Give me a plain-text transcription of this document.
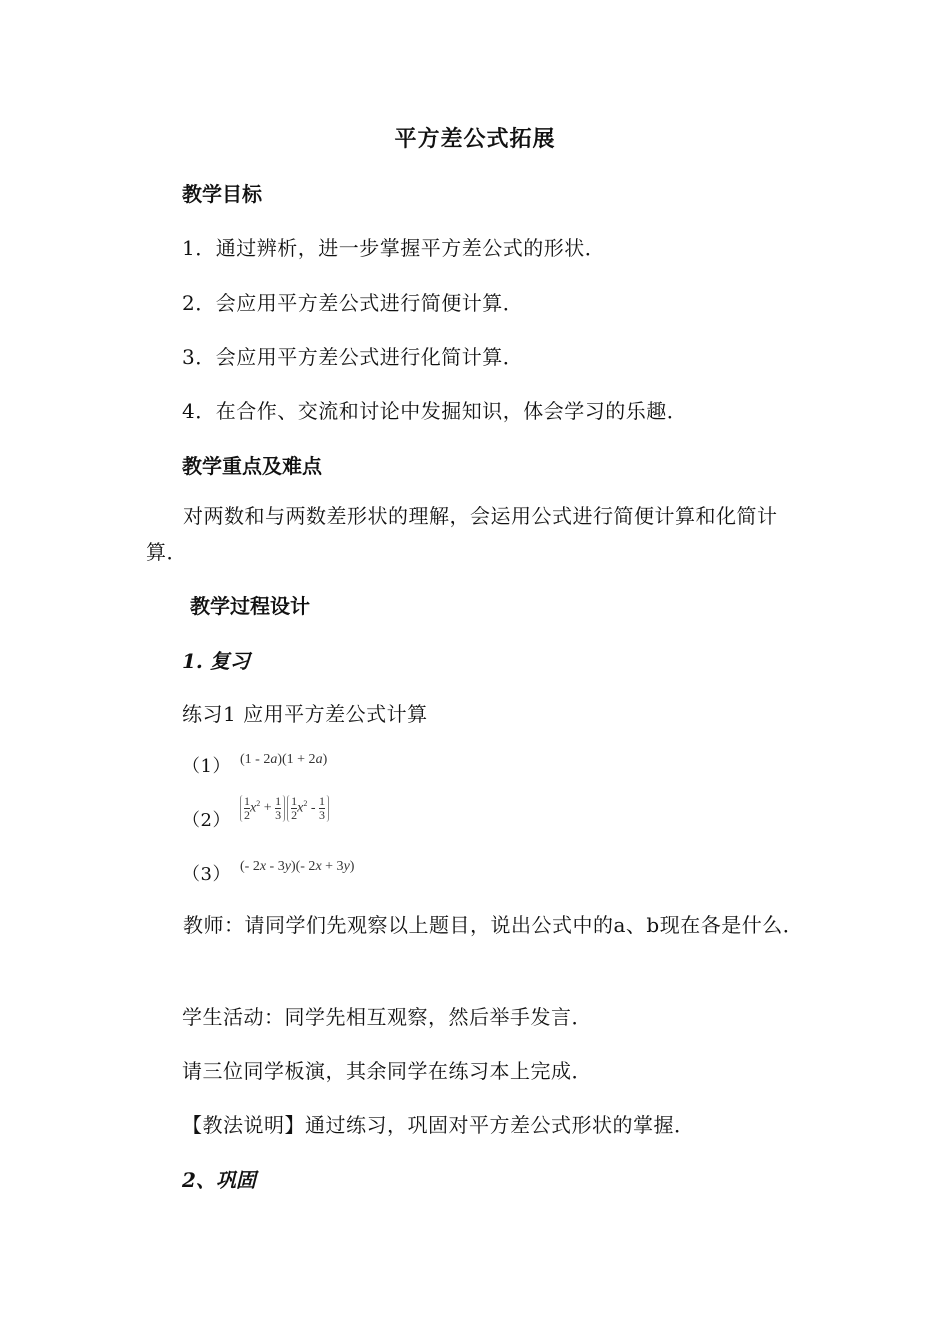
平方差公式拓展
教学目标
1．通过辨析，进一步掌握平方差公式的形状．
2．会应用平方差公式进行简便计算．
3．会应用平方差公式进行化简计算．
4．在合作、交流和讨论中发掘知识，体会学习的乐趣．
教学重点及难点
对两数和与两数差形状的理解，会运用公式进行简便计算和化简计算．
教学过程设计
1. 复习
练习1 应用平方差公式计算
（1） (1 - 2a)(1 + 2a)
（2）	$\frac{1}{2} x^2 + \frac{1}{3} \frac{1}{2} x^2 - \frac{1}{3}$
（3） (- 2x - 3y)(- 2x + 3y)
教师：请同学们先观察以上题目，说出公式中的a、b现在各是什么．
学生活动：同学先相互观察，然后举手发言．
请三位同学板演，其余同学在练习本上完成．
【教法说明】通过练习，巩固对平方差公式形状的掌握．
2、巩固
